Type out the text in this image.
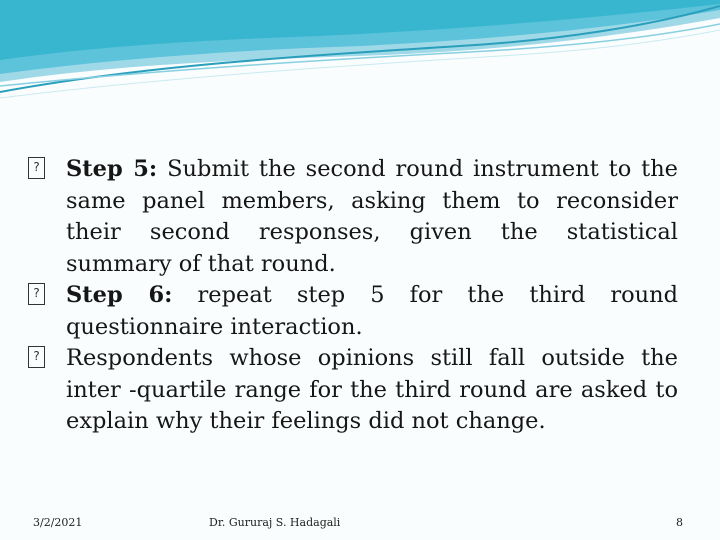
? Step 5: Submit the second round instrument to the same panel members, asking them to reconsider their second responses, given the statistical summary of that round.

? Step 6: repeat step 5 for the third round questionnaire interaction.

? Respondents whose opinions still fall outside the inter -quartile range for the third round are asked to explain why their feelings did not change.

3/2/2021	Dr. Gururaj S. Hadagali	8
